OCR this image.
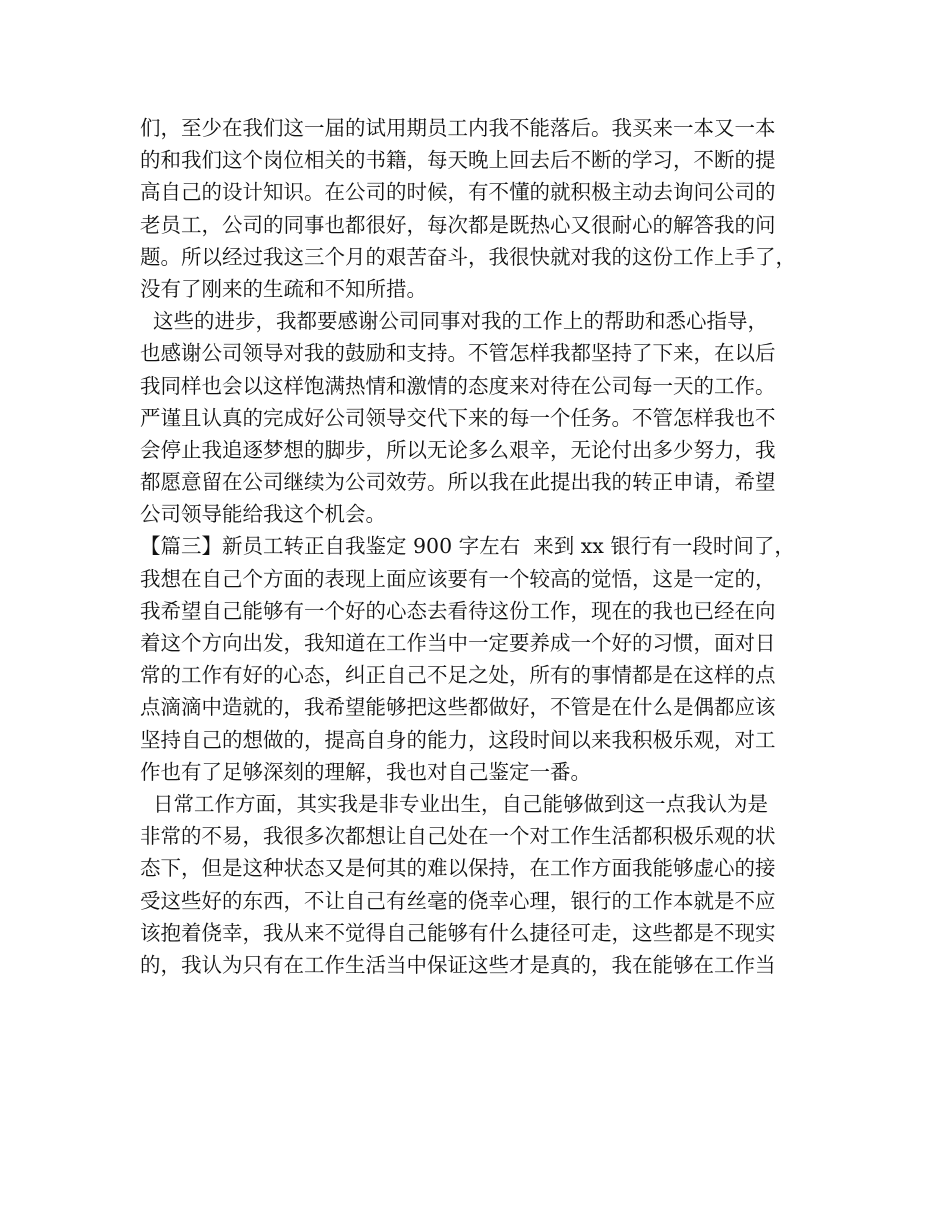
们，至少在我们这一届的试用期员工内我不能落后。我买来一本又一本
的和我们这个岗位相关的书籍，每天晚上回去后不断的学习，不断的提
高自己的设计知识。在公司的时候，有不懂的就积极主动去询问公司的
老员工，公司的同事也都很好，每次都是既热心又很耐心的解答我的问
题。所以经过我这三个月的艰苦奋斗，我很快就对我的这份工作上手了，
没有了刚来的生疏和不知所措。
这些的进步，我都要感谢公司同事对我的工作上的帮助和悉心指导，
也感谢公司领导对我的鼓励和支持。不管怎样我都坚持了下来，在以后
我同样也会以这样饱满热情和激情的态度来对待在公司每一天的工作。
严谨且认真的完成好公司领导交代下来的每一个任务。不管怎样我也不
会停止我追逐梦想的脚步，所以无论多么艰辛，无论付出多少努力，我
都愿意留在公司继续为公司效劳。所以我在此提出我的转正申请，希望
公司领导能给我这个机会。
【篇三】新员工转正自我鉴定 900 字左右  来到 xx 银行有一段时间了，
我想在自己个方面的表现上面应该要有一个较高的觉悟，这是一定的，
我希望自己能够有一个好的心态去看待这份工作，现在的我也已经在向
着这个方向出发，我知道在工作当中一定要养成一个好的习惯，面对日
常的工作有好的心态，纠正自己不足之处，所有的事情都是在这样的点
点滴滴中造就的，我希望能够把这些都做好，不管是在什么是偶都应该
坚持自己的想做的，提高自身的能力，这段时间以来我积极乐观，对工
作也有了足够深刻的理解，我也对自己鉴定一番。
日常工作方面，其实我是非专业出生，自己能够做到这一点我认为是
非常的不易，我很多次都想让自己处在一个对工作生活都积极乐观的状
态下，但是这种状态又是何其的难以保持，在工作方面我能够虚心的接
受这些好的东西，不让自己有丝毫的侥幸心理，银行的工作本就是不应
该抱着侥幸，我从来不觉得自己能够有什么捷径可走，这些都是不现实
的，我认为只有在工作生活当中保证这些才是真的，我在能够在工作当
